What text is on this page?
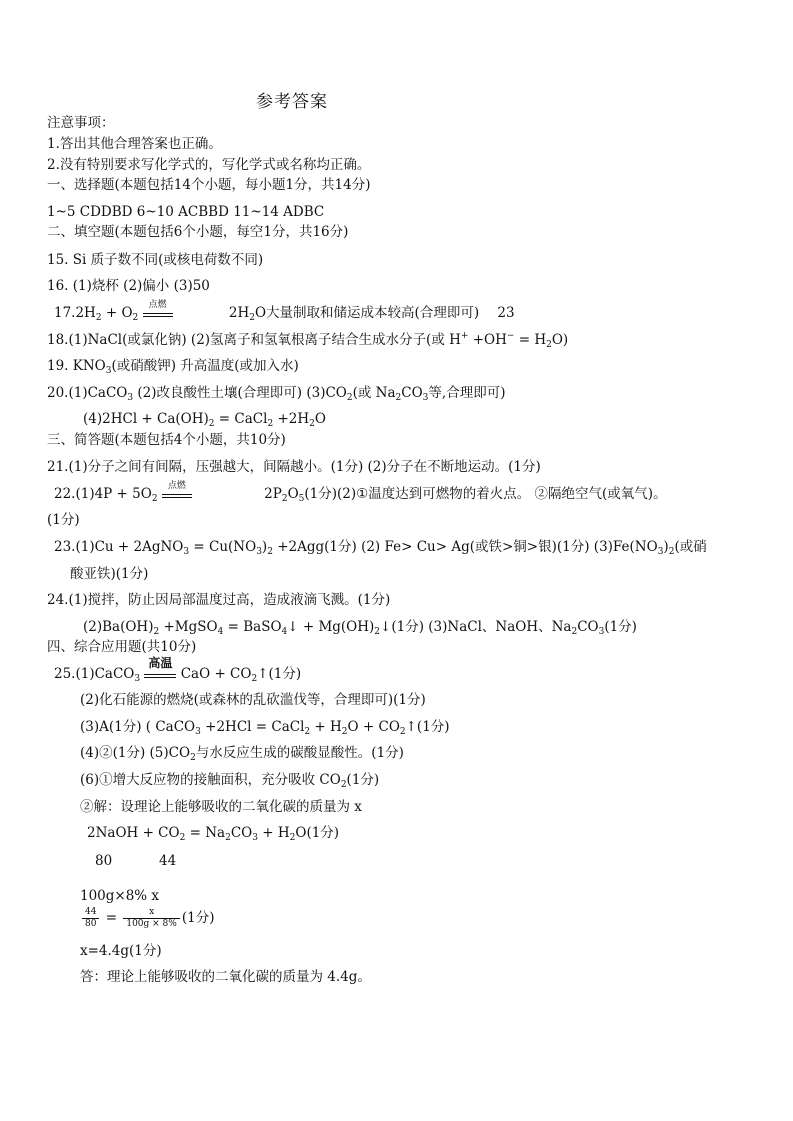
参考答案
注意事项：
1.答出其他合理答案也正确。
2.没有特别要求写化学式的，写化学式或名称均正确。
一、选择题(本题包括14个小题，每小题1分，共14分)
1~5 CDDBD 6~10 ACBBD 11~14 ADBC
二、填空题(本题包括6个小题，每空1分，共16分)
15. Si 质子数不同(或核电荷数不同)
16. (1)烧杯 (2)偏小 (3)50
$17.2H_2 + O_2$
点燃	$2H_2O$大量制取和储运成本较高(合理即可) 23
18.(1)NaCl(或氯化钠) (2)氢离子和氢氧根离子结合生成水分子(或 $H^+ +OH^- = H_2O$)
19. $KNO_3$(或硝酸钾) 升高温度(或加入水)
20.(1)CaCO$_3$ (2)改良酸性土壤(合理即可) $(3)CO_2$(或 $Na_2CO_3$等,合理即可)
$(4)2HCl + Ca(OH)_2$ = CaCl$_2$ $+2H_2O$
三、简答题(本题包括4个小题，共10分)
21.(1)分子之间有间隔，压强越大，间隔越小。(1分) (2)分子在不断地运动。(1分)
$22.(1)4P + 5O_2$
点燃	$2P_2O_5(1$分)(2)①温度达到可燃物的着火点。 ②隔绝空气(或氧气)。
(1分)
23.(1)Cu + 2AgNO$_3$ = $Cu(NO_3)_2 +2Agg(1$分) (2) Fe> Cu> Ag(或铁>铜>银)(1分) $(3)Fe(NO_3)_2$(或硝
酸亚铁)(1分)
24.(1)搅拌，防止因局部温度过高，造成液滴飞溅。(1分)
$(2)Ba(OH)_2$ +MgSO$_4$ = BaSO$_4$↓ + $Mg(OH)_2↓(1$分) (3)NaCl、NaOH、$Na_2CO_3(1$分)
四、综合应用题(共10分)
25.(1)CaCO$_3$
高温
CaO + $CO_2↑(1$分)
(2)化石能源的燃烧(或森林的乱砍滥伐等，合理即可)(1分)
(3)A(1分) ( CaCO$_3$ +2HCl = CaCl$_2$ + $H_2O$ + $CO_2↑(1$分)
(4)②(1分) $(5)CO_2$与水反应生成的碳酸显酸性。(1分)
(6)①增大反应物的接触面积，充分吸收 $CO_2(1$分)
②解：设理论上能够吸收的二氧化碳的质量为 x
2NaOH + $CO_2 = Na_2CO_3 + H_2O(1$分)
80	44
100g×8% x
$\frac{44}{80} = \frac{x}{100g \times 8\%} (1$分)
x=4.4g(1分)
答：理论上能够吸收的二氧化碳的质量为 4.4g。
